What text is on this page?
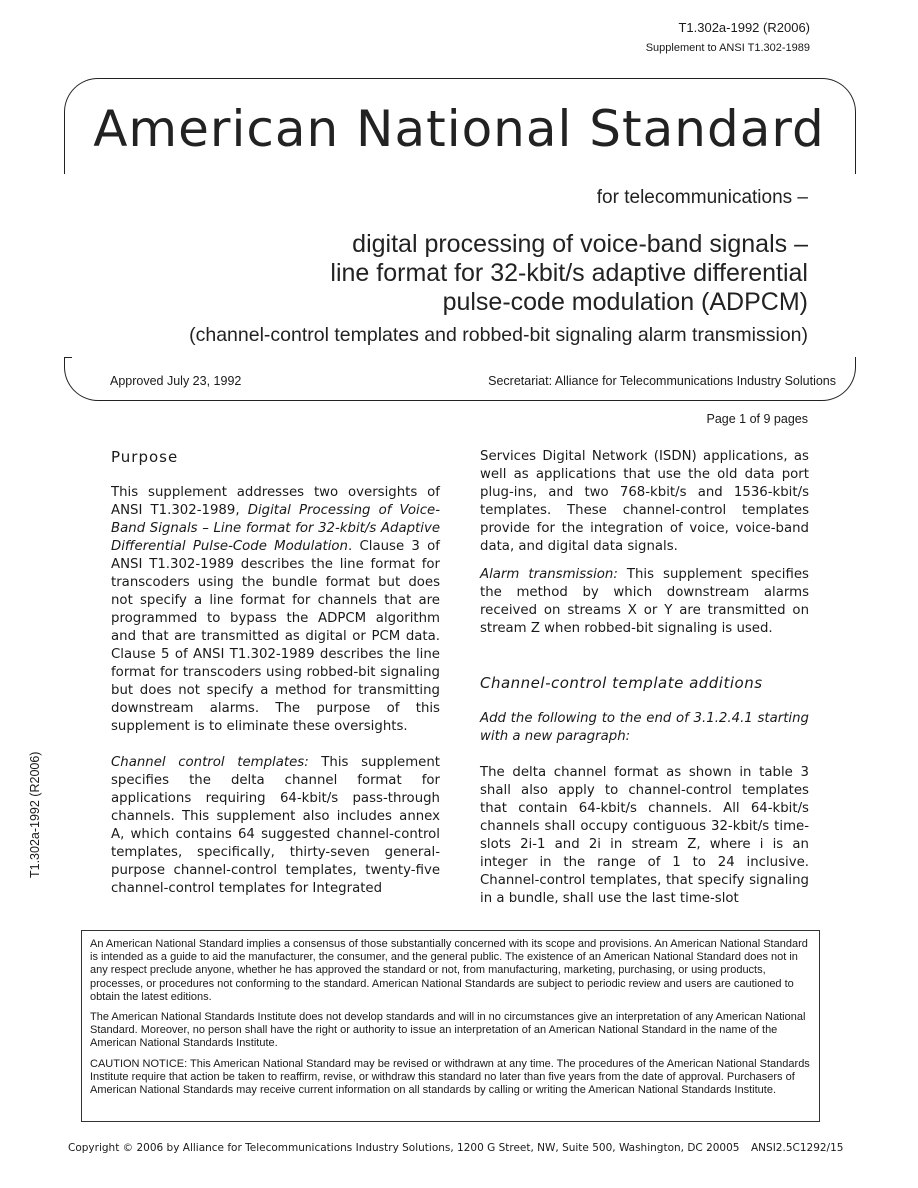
T1.302a-1992 (R2006)
Supplement to ANSI T1.302-1989
American National Standard
for telecommunications –
digital processing of voice-band signals –
line format for 32-kbit/s adaptive differential
pulse-code modulation (ADPCM)
(channel-control templates and robbed-bit signaling alarm transmission)
Approved July 23, 1992	Secretariat: Alliance for Telecommunications Industry Solutions
Page 1 of 9 pages
T1.302a-1992 (R2006)

Purpose

This supplement addresses two oversights of ANSI T1.302-1989, Digital Processing of Voice-Band Signals – Line format for 32-kbit/s Adaptive Differential Pulse-Code Modulation. Clause 3 of ANSI T1.302-1989 describes the line format for transcoders using the bundle format but does not specify a line format for channels that are programmed to bypass the ADPCM algorithm and that are transmitted as digital or PCM data. Clause 5 of ANSI T1.302-1989 describes the line format for transcoders using robbed-bit signaling but does not specify a method for transmitting downstream alarms. The purpose of this supplement is to eliminate these oversights.

Channel control templates: This supplement specifies the delta channel format for applications requiring 64-kbit/s pass-through channels. This supplement also includes annex A, which contains 64 suggested channel-control templates, specifically, thirty-seven general-purpose channel-control templates, twenty-five channel-control templates for Integrated

Services Digital Network (ISDN) applications, as well as applications that use the old data port plug-ins, and two 768-kbit/s and 1536-kbit/s templates. These channel-control templates provide for the integration of voice, voice-band data, and digital data signals.

Alarm transmission: This supplement specifies the method by which downstream alarms received on streams X or Y are transmitted on stream Z when robbed-bit signaling is used.

Channel-control template additions

Add the following to the end of 3.1.2.4.1 starting with a new paragraph:

The delta channel format as shown in table 3 shall also apply to channel-control templates that contain 64-kbit/s channels. All 64-kbit/s channels shall occupy contiguous 32-kbit/s time-slots 2i-1 and 2i in stream Z, where i is an integer in the range of 1 to 24 inclusive. Channel-control templates, that specify signaling in a bundle, shall use the last time-slot

An American National Standard implies a consensus of those substantially concerned with its scope and provisions. An American National Standard is intended as a guide to aid the manufacturer, the consumer, and the general public. The existence of an American National Standard does not in any respect preclude anyone, whether he has approved the standard or not, from manufacturing, marketing, purchasing, or using products, processes, or procedures not conforming to the standard. American National Standards are subject to periodic review and users are cautioned to obtain the latest editions.

The American National Standards Institute does not develop standards and will in no circumstances give an interpretation of any American National Standard. Moreover, no person shall have the right or authority to issue an interpretation of an American National Standard in the name of the American National Standards Institute.

CAUTION NOTICE: This American National Standard may be revised or withdrawn at any time. The procedures of the American National Standards Institute require that action be taken to reaffirm, revise, or withdraw this standard no later than five years from the date of approval. Purchasers of American National Standards may receive current information on all standards by calling or writing the American National Standards Institute.

Copyright © 2006 by Alliance for Telecommunications Industry Solutions, 1200 G Street, NW, Suite 500, Washington, DC 20005 ANSI2.5C1292/15
